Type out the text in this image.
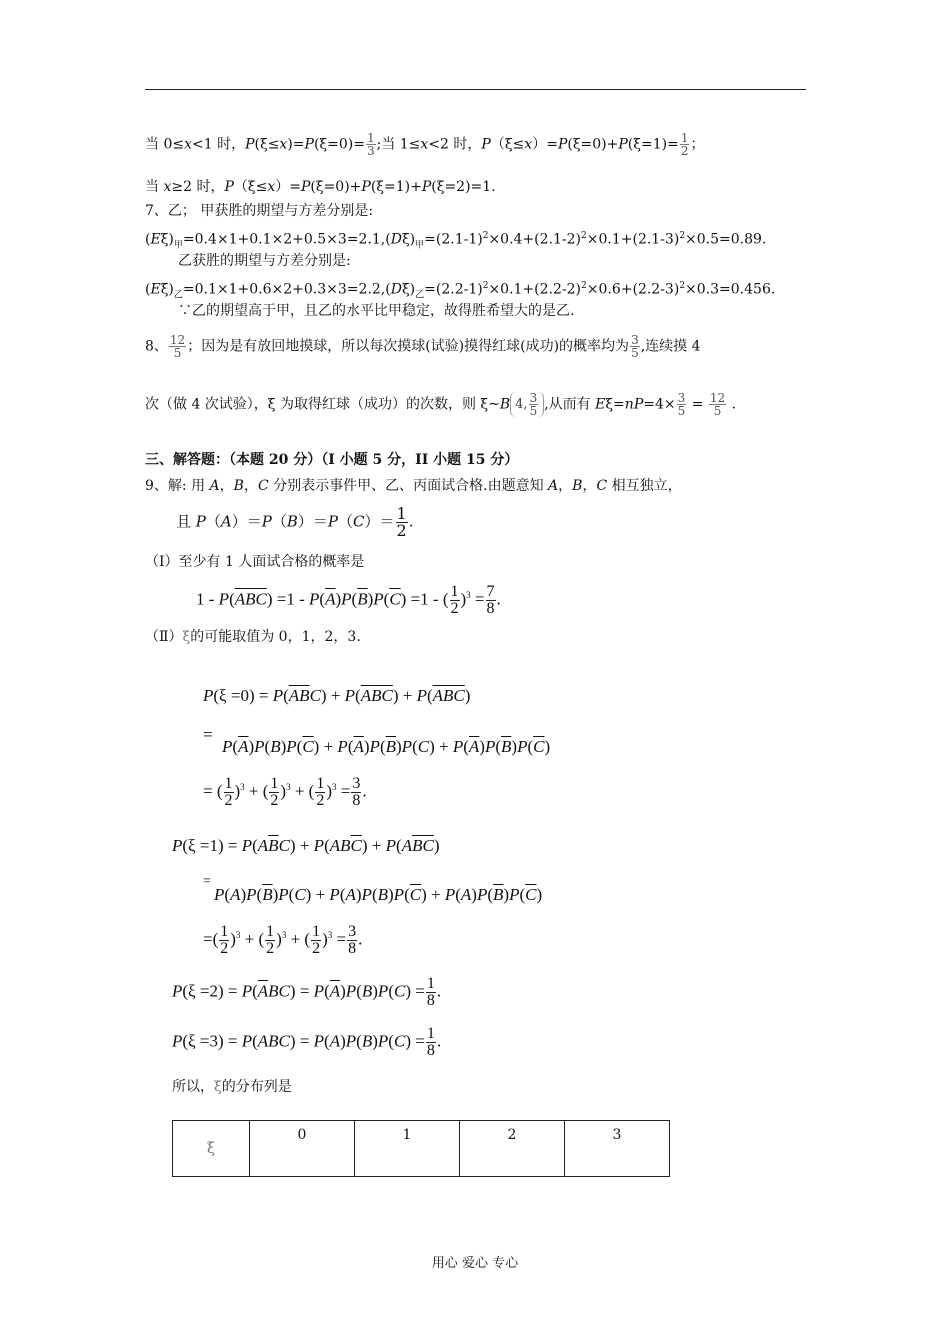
当 0≤x<1 时，$P(\xi\le x)=P(\xi=0)= \frac{1}{3}$ ;当 1≤x<2 时，$P(\xi\le x)=P(\xi=0)+P(\xi=1)= \frac{1}{2}$ ；
当 x≥2 时，P（ξ≤x）=P(ξ=0)+P(ξ=1)+P(ξ=2)=1.
7、乙； 甲获胜的期望与方差分别是:
$(E\xi)_甲=0.4\times 1+0.1\times 2+0.5\times 3=2.1,(D\xi)_甲=(2.1-1)^2\times 0.4+(2.1-2)^2\times 0.1+(2.1-3)^2\times 0.5=0.89$.
乙获胜的期望与方差分别是:
$(E\xi)_乙=0.1\times 1+0.6\times 2+0.3\times 3=2.2,(D\xi)_乙=(2.2-1)^2\times 0.1+(2.2-2)^2\times 0.6+(2.2-3)^2\times 0.3=0.456$.
∵乙的期望高于甲，且乙的水平比甲稳定，故得胜希望大的是乙.
8、 $\frac{12}{5}$ ；因为是有放回地摸球，所以每次摸球(试验)摸得红球(成功)的概率均为 $\frac{3}{5}$ ,连续摸 4
次（做 4 次试验），ξ 为取得红球（成功）的次数，则 ξ~B 4, $\frac{3}{5}$ ,从而有 $E\xi=nP=4\times \frac{3}{5} = \frac{12}{5}$ .
三、解答题：（本题 20 分）（I 小题 5 分，II 小题 15 分）
9、解: 用 A，B，C 分别表示事件甲、乙、丙面试合格.由题意知 A，B，C 相互独立，
且 $P(A)=P(B)=P(C)= \frac{1}{2}$ .
（Ⅰ）至少有 1 人面试合格的概率是
$1 - P(\overline{ABC}) =1 - P(\overline{A})P(\overline{B})P(\overline{C}) =1$ - ( $\frac{1}{2} )^3 = \frac{7}{8}$ .
（Ⅱ）ξ的可能取值为 0，1，2，3.
$P(\xi =0) = P(\overline{A}\overline{B}C) + P(\overline{A}\overline{B}\overline{C}) + P(\overline{ABC})$
=
$P(\overline{A})P(B)P(\overline{C}) + P(\overline{A})P(\overline{B})P(C) + P(\overline{A})P(\overline{B})P(\overline{C})$
= ( $\frac{1}{2} )^3$ + ( $\frac{1}{2} )^3$ + ( $\frac{1}{2} )^3 = \frac{3}{8}$ .
$P(\xi =1) = P(A\overline{B}C) + P(AB\overline{C}) + P(A\overline{BC})$
=
$P(A)P(\overline{B})P(C) + P(A)P(B)P(\overline{C}) + P(A)P(\overline{B})P(\overline{C})$
=( $\frac{1}{2} )^3$ + ( $\frac{1}{2} )^3$ + ( $\frac{1}{2} )^3 = \frac{3}{8}$ .
$P(\xi =2) = P(\overline{A}BC) = P(\overline{A})P(B)P(C) = \frac{1}{8}$ .
$P(\xi =3) = P(ABC) = P(A)P(B)P(C) = \frac{1}{8}$ .
所以，ξ的分布列是
ξ	0	1	2	3
用心 爱心 专心
